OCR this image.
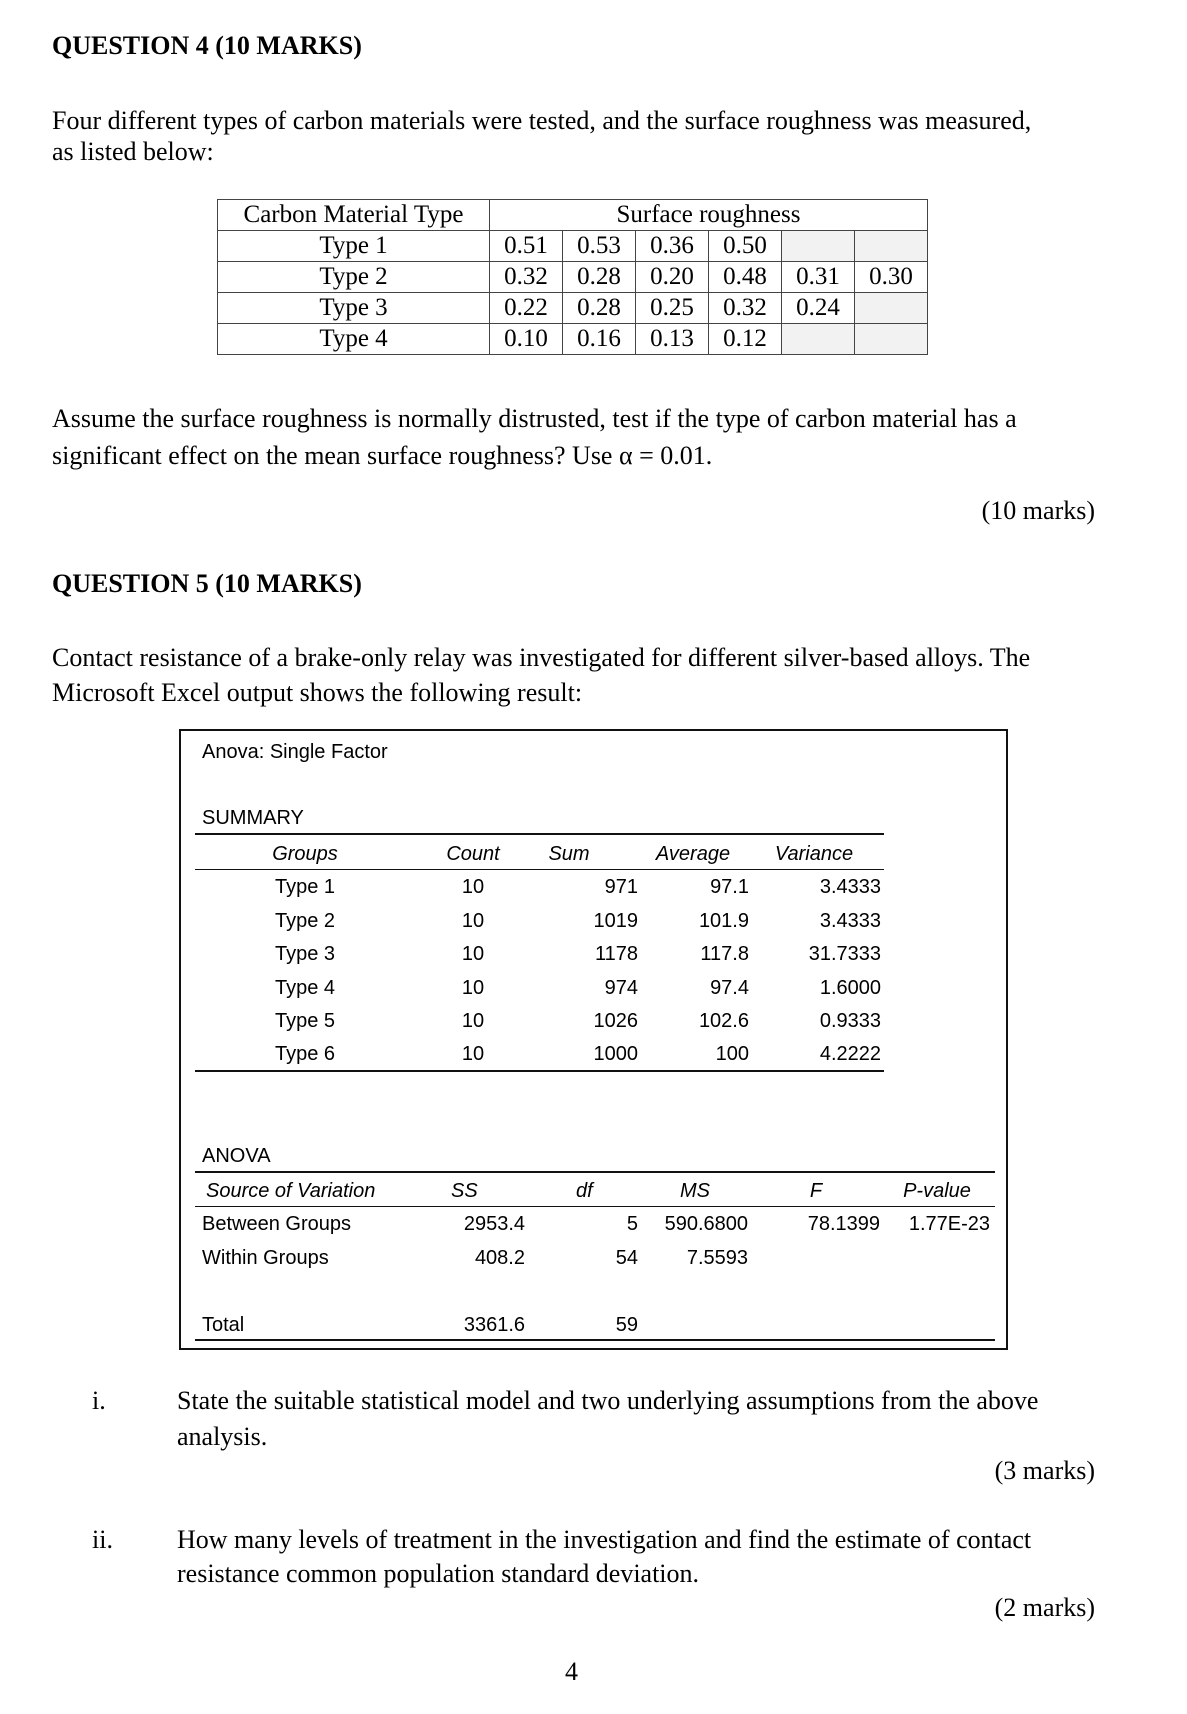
QUESTION 4 (10 MARKS)
Four different types of carbon materials were tested, and the surface roughness was measured,
as listed below:
Carbon Material Type	Surface roughness					
Type 1	0.51	0.53	0.36	0.50		
Type 2	0.32	0.28	0.20	0.48	0.31	0.30
Type 3	0.22	0.28	0.25	0.32	0.24	
Type 4	0.10	0.16	0.13	0.12		
Assume the surface roughness is normally distrusted, test if the type of carbon material has a
significant effect on the mean surface roughness? Use α = 0.01.
(10 marks)
QUESTION 5 (10 MARKS)
Contact resistance of a brake-only relay was investigated for different silver-based alloys. The
Microsoft Excel output shows the following result:
Anova: Single Factor
SUMMARY
Groups	Count Sum	Average Variance
Type 1	10	971	97.1	3.4333
Type 2	10	1019	101.9	3.4333
Type 3	10	1178	117.8	31.7333
Type 4	10	974	97.4	1.6000
Type 5	10	1026	102.6	0.9333
Type 6	10	1000	100	4.2222
ANOVA
Source of Variation	SS	df	MS	F	P-value
Between Groups	2953.4	5 590.6800	78.1399 1.77E-23
Within Groups	408.2	54 7.5593
Total	3361.6	59
i.	State the suitable statistical model and two underlying assumptions from the above
analysis.
(3 marks)
ii. How many levels of treatment in the investigation and find the estimate of contact
resistance common population standard deviation.
(2 marks)
4
